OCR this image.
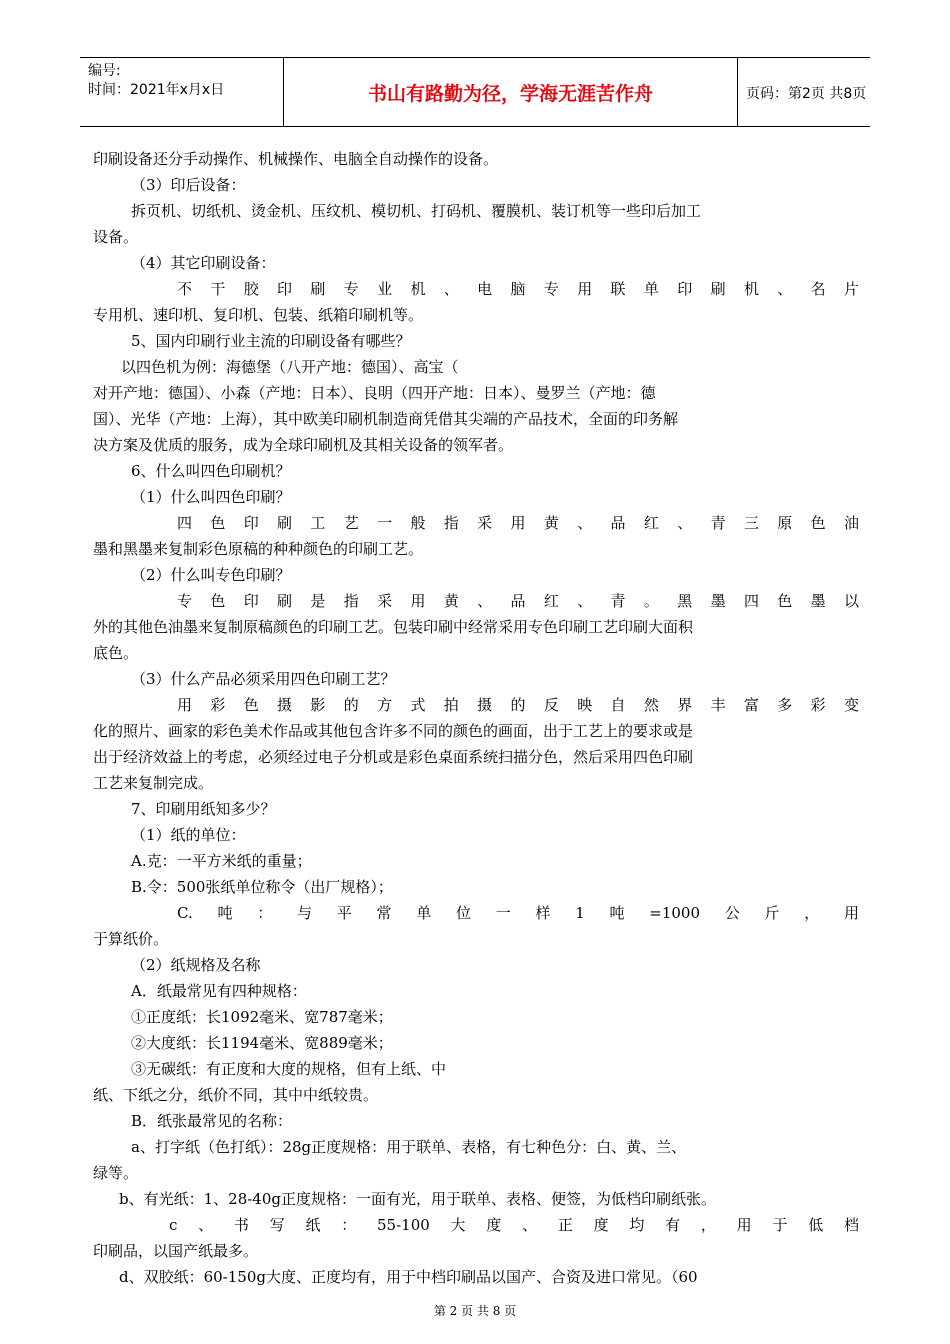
编号:
时间：2021年x月x日	书山有路勤为径，学海无涯苦作舟	页码：第2页 共8页
印刷设备还分手动操作、机械操作、电脑全自动操作的设备。
（3）印后设备：
拆页机、切纸机、烫金机、压纹机、模切机、打码机、覆膜机、装订机等一些印后加工
设备。
（4）其它印刷设备：
不干胶印刷专业机、电脑专用联单印刷机、名片
专用机、速印机、复印机、包装、纸箱印刷机等。
5、国内印刷行业主流的印刷设备有哪些？
以四色机为例：海德堡（八开产地：德国）、高宝（
对开产地：德国）、小森（产地：日本）、良明（四开产地：日本）、曼罗兰（产地：德
国）、光华（产地：上海），其中欧美印刷机制造商凭借其尖端的产品技术，全面的印务解
决方案及优质的服务，成为全球印刷机及其相关设备的领军者。
6、什么叫四色印刷机？
（1）什么叫四色印刷？
四色印刷工艺一般指采用黄、品红、青三原色油
墨和黑墨来复制彩色原稿的种种颜色的印刷工艺。
（2）什么叫专色印刷？
专色印刷是指采用黄、品红、青。黑墨四色墨以
外的其他色油墨来复制原稿颜色的印刷工艺。包装印刷中经常采用专色印刷工艺印刷大面积
底色。
（3）什么产品必须采用四色印刷工艺？
用彩色摄影的方式拍摄的反映自然界丰富多彩变
化的照片、画家的彩色美术作品或其他包含许多不同的颜色的画面，出于工艺上的要求或是
出于经济效益上的考虑，必须经过电子分机或是彩色桌面系统扫描分色，然后采用四色印刷
工艺来复制完成。
7、印刷用纸知多少？
（1）纸的单位：
A.克：一平方米纸的重量；
B.令：500张纸单位称令（出厂规格）；
C.吨：与平常单位一样1吨=1000公斤，用
于算纸价。
（2）纸规格及名称
A．纸最常见有四种规格：
①正度纸：长1092毫米、宽787毫米；
②大度纸：长1194毫米、宽889毫米；
③无碳纸：有正度和大度的规格，但有上纸、中
纸、下纸之分，纸价不同，其中中纸较贵。
B．纸张最常见的名称：
a、打字纸（色打纸）：28g正度规格：用于联单、表格，有七种色分：白、黄、兰、
绿等。
b、有光纸：1、28-40g正度规格：一面有光，用于联单、表格、便签，为低档印刷纸张。
c、书写纸：55-100大度、正度均有，用于低档
印刷品，以国产纸最多。
d、双胶纸：60-150g大度、正度均有，用于中档印刷品以国产、合资及进口常见。（60
第 2 页 共 8 页
